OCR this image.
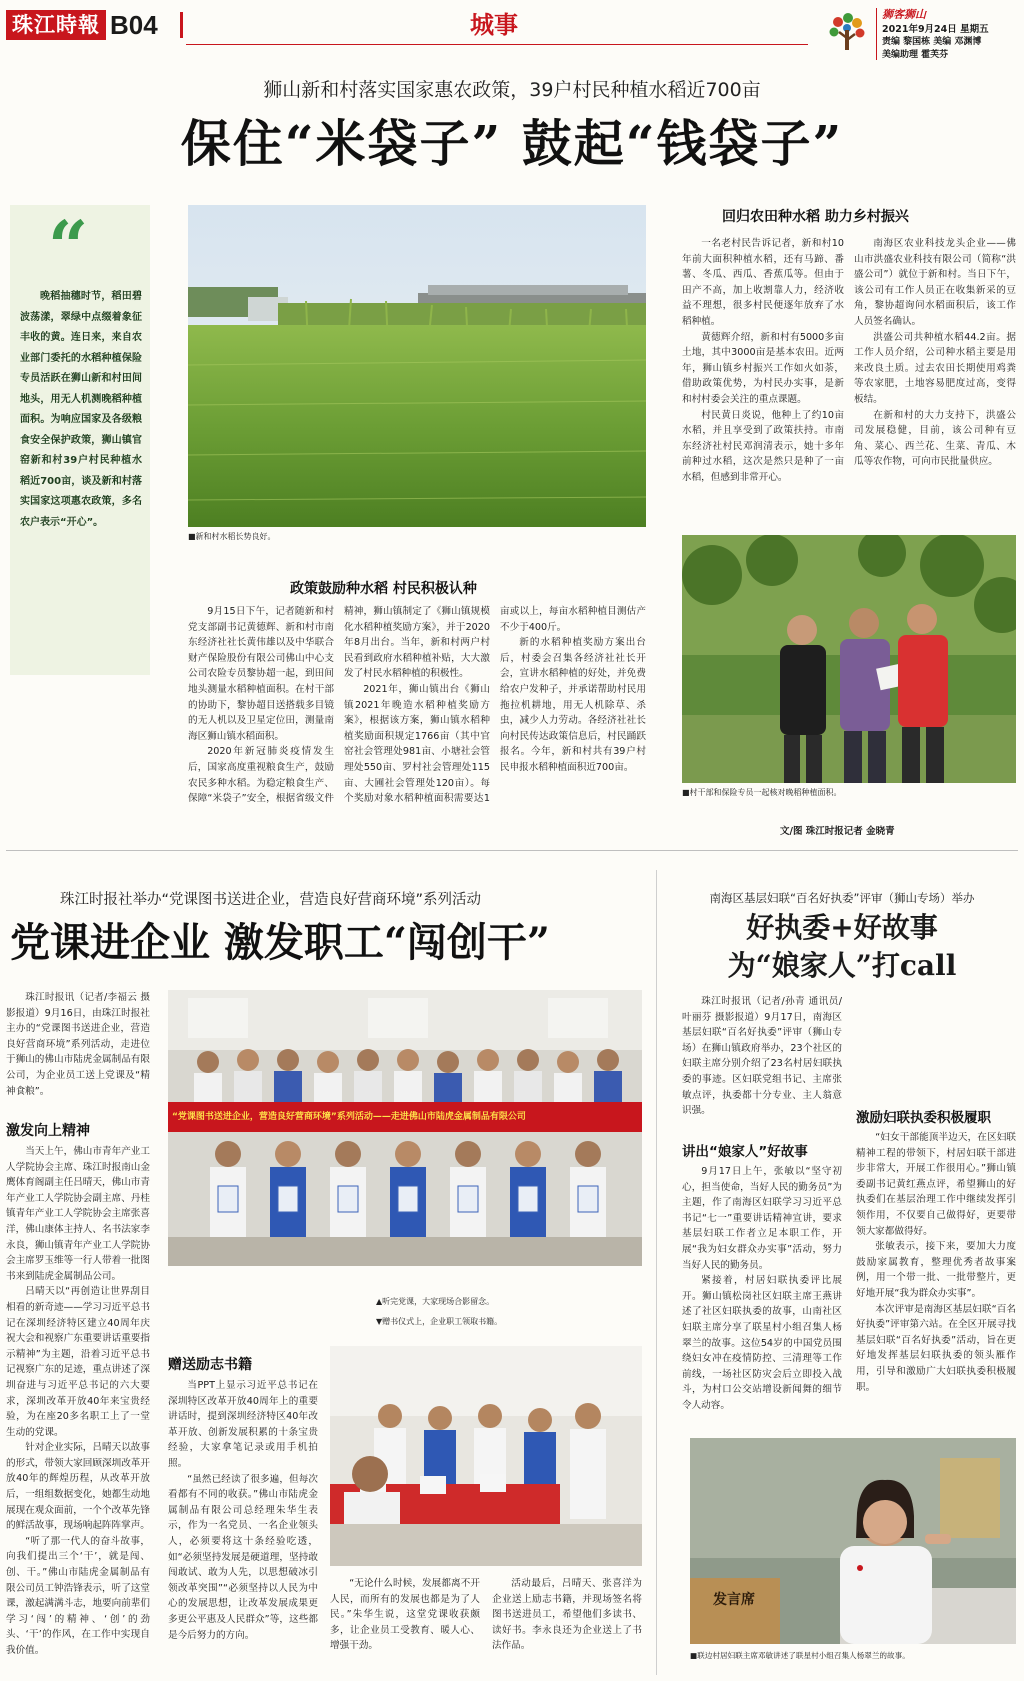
珠江時報 B04	城事	狮客狮山
2021年9月24日 星期五
责编 黎国栋 美编 邓渊博
美编助理 霍芙芬
狮山新和村落实国家惠农政策，39户村民种植水稻近700亩
保住“米袋子” 鼓起“钱袋子”
“
晚稻抽穗时节，稻田碧波荡漾，翠绿中点缀着象征丰收的黄。连日来，来自农业部门委托的水稻种植保险专员活跃在狮山新和村田间地头，用无人机测晚稻种植面积。为响应国家及各级粮食安全保护政策，狮山镇官窑新和村39户村民种植水稻近700亩，谈及新和村落实国家这项惠农政策，多名农户表示“开心”。
■新和村水稻长势良好。
政策鼓励种水稻 村民积极认种

9月15日下午，记者随新和村党支部副书记黄德辉、新和村市南东经济社社长黄伟雄以及中华联合财产保险股份有限公司佛山中心支公司农险专员黎协超一起，到田间地头测量水稻种植面积。在村干部的协助下，黎协超目送搭载多目镜的无人机以及卫星定位田，测量南海区狮山镇水稻面积。

2020年新冠肺炎疫情发生后，国家高度重视粮食生产，鼓励农民多种水稻。为稳定粮食生产、保障“米袋子”安全，根据省级文件精神，狮山镇制定了《狮山镇规模化水稻种植奖励方案》，并于2020年8月出台。当年，新和村两户村民看到政府水稻种植补贴，大大激发了村民水稻种植的积极性。

2021年，狮山镇出台《狮山镇2021年晚造水稻种植奖励方案》，根据该方案，狮山镇水稻种植奖励面积规定1766亩（其中官窑社会管理处981亩、小塘社会管理处550亩、罗村社会管理处115亩、大圃社会管理处120亩）。每个奖励对象水稻种植面积需要达1亩或以上，每亩水稻种植目测估产不少于400斤。

新的水稻种植奖励方案出台后，村委会召集各经济社社长开会，宣讲水稻种植的好处，并免费给农户发种子，并承诺帮助村民用拖拉机耕地，用无人机除草、杀虫，减少人力劳动。各经济社社长向村民传达政策信息后，村民踊跃报名。今年，新和村共有39户村民申报水稻种植面积近700亩。

回归农田种水稻 助力乡村振兴

一名老村民告诉记者，新和村10年前大面积种植水稻，还有马蹄、番薯、冬瓜、西瓜、香蕉瓜等。但由于田产不高，加上收割靠人力，经济收益不理想，很多村民便逐年放弃了水稻种植。

黄德辉介绍，新和村有5000多亩土地，其中3000亩是基本农田。近两年，狮山镇乡村振兴工作如火如荼，借助政策优势，为村民办实事，是新和村村委会关注的重点课题。

村民黄日炎说，他种上了约10亩水稻，并且享受到了政策扶持。市南东经济社村民邓润清表示，她十多年前种过水稻，这次是然只是种了一亩水稻，但感到非常开心。

南海区农业科技龙头企业——佛山市洪盛农业科技有限公司（简称“洪盛公司”）就位于新和村。当日下午，该公司有工作人员正在收集新采的豆角，黎协超询问水稻面积后，该工作人员签名确认。

洪盛公司共种植水稻44.2亩。据工作人员介绍，公司种水稻主要是用来改良土质。过去农田长期使用鸡粪等农家肥，土地容易肥度过高，变得板结。

在新和村的大力支持下，洪盛公司发展稳健，目前，该公司种有豆角、菜心、西兰花、生菜、青瓜、木瓜等农作物，可向市民批量供应。

■村干部和保险专员一起核对晚稻种植面积。
文/图 珠江时报记者 金晓青
珠江时报社举办“党课图书送进企业，营造良好营商环境”系列活动
党课进企业 激发职工“闯创干”

珠江时报讯（记者/李福云 摄影报道）9月16日，由珠江时报社主办的“党课图书送进企业，营造良好营商环境”系列活动，走进位于狮山的佛山市陆虎金属制品有限公司，为企业员工送上党课及“精神食粮”。

激发向上精神

当天上午，佛山市青年产业工人学院协会主席、珠江时报南山金鹰体育阁副主任吕晴天，佛山市青年产业工人学院协会副主席、丹桂镇青年产业工人学院协会主席张喜洋，佛山康体主持人、名书法家李永良，狮山镇青年产业工人学院协会主席罗玉维等一行人带着一批图书来到陆虎金属制品公司。

吕晴天以“再创造让世界刮目相看的新奇迹——学习习近平总书记在深圳经济特区建立40周年庆祝大会和视察广东重要讲话重要指示精神”为主题，沿着习近平总书记视察广东的足迹，重点讲述了深圳奋进与习近平总书记的六大要求，深圳改革开放40年来宝贵经验，为在座20多名职工上了一堂生动的党课。

针对企业实际，吕晴天以故事的形式，带领大家回顾深圳改革开放40年的辉煌历程，从改革开放后，一组组数据变化，她都生动地展现在观众面前，一个个改革先锋的鲜活故事，现场响起阵阵掌声。

“听了那一代人的奋斗故事，向我们提出三个‘干’，就是闯、创、干。”佛山市陆虎金属制品有限公司员工钟浩锋表示，听了这堂课，激起满满斗志，地要向前辈们学习‘闯’的精神、‘创’的劲头、‘干’的作风，在工作中实现自我价值。

“党课图书送进企业，营造良好营商环境”系列活动——走进佛山市陆虎金属制品有限公司
▲听完党课，大家现场合影留念。
▼赠书仪式上，企业职工领取书籍。
赠送励志书籍

当PPT上显示习近平总书记在深圳特区改革开放40周年上的重要讲话时，提到深圳经济特区40年改革开放、创新发展积累的十条宝贵经验，大家拿笔记录或用手机拍照。

“虽然已经读了很多遍，但每次看都有不同的收获。”佛山市陆虎金属制品有限公司总经理朱华生表示，作为一名党员、一名企业领头人，必须要将这十条经验吃透，如“必须坚持发展是硬道理，坚持敢闯敢试、敢为人先，以思想破冰引领改革突围”“必须坚持以人民为中心的发展思想，让改革发展成果更多更公平惠及人民群众”等，这些都是今后努力的方向。

“无论什么时候，发展都离不开人民，而所有的发展也都是为了人民。”朱华生说，这堂党课收获颇多，让企业员工受教育、暖人心、增强干劲。

活动最后，吕晴天、张喜洋为企业送上励志书籍，并现场签名将图书送进员工，希望他们多读书、读好书。李永良还为企业送上了书法作品。

南海区基层妇联“百名好执委”评审（狮山专场）举办
好执委+好故事
为“娘家人”打call

珠江时报讯（记者/孙青 通讯员/叶丽芬 摄影报道）9月17日，南海区基层妇联“百名好执委”评审（狮山专场）在狮山镇政府举办，23个社区的妇联主席分别介绍了23名村居妇联执委的事迹。区妇联党组书记、主席张敏点评，执委都十分专业、主人翁意识强。

讲出“娘家人”好故事

9月17日上午，张敏以“坚守初心，担当使命，当好人民的勤务员”为主题，作了南海区妇联学习习近平总书记“七一”重要讲话精神宣讲，要求基层妇联工作者立足本职工作，开展“我为妇女群众办实事”活动，努力当好人民的勤务员。

紧接着，村居妇联执委评比展开。狮山镇松岗社区妇联主席王燕讲述了社区妇联执委的故事，山南社区妇联主席分享了联星村小组召集人杨翠兰的故事。这位54岁的中国党员围绕妇女冲在疫情防控、三清理等工作前线，一场社区防灾会后立即投入战斗，为村口公交站增设新闻舞的细节令人动容。

激励妇联执委积极履职

“妇女干部能顶半边天，在区妇联精神工程的带领下，村居妇联干部进步非常大，开展工作很用心。”狮山镇委副书记黄红燕点评，希望狮山的好执委们在基层治理工作中继续发挥引领作用，不仅要自己做得好，更要带领大家都做得好。

张敏表示，接下来，要加大力度鼓励家属教育，整理优秀者故事案例，用一个带一批、一批带整片，更好地开展“我为群众办实事”。

本次评审是南海区基层妇联“百名好执委”评审第六站。在全区开展寻找基层妇联“百名好执委”活动，旨在更好地发挥基层妇联执委的领头雁作用，引导和激励广大妇联执委积极履职。

发言席
■联边村居妇联主席邓敏讲述了联星村小组召集人杨翠兰的故事。
